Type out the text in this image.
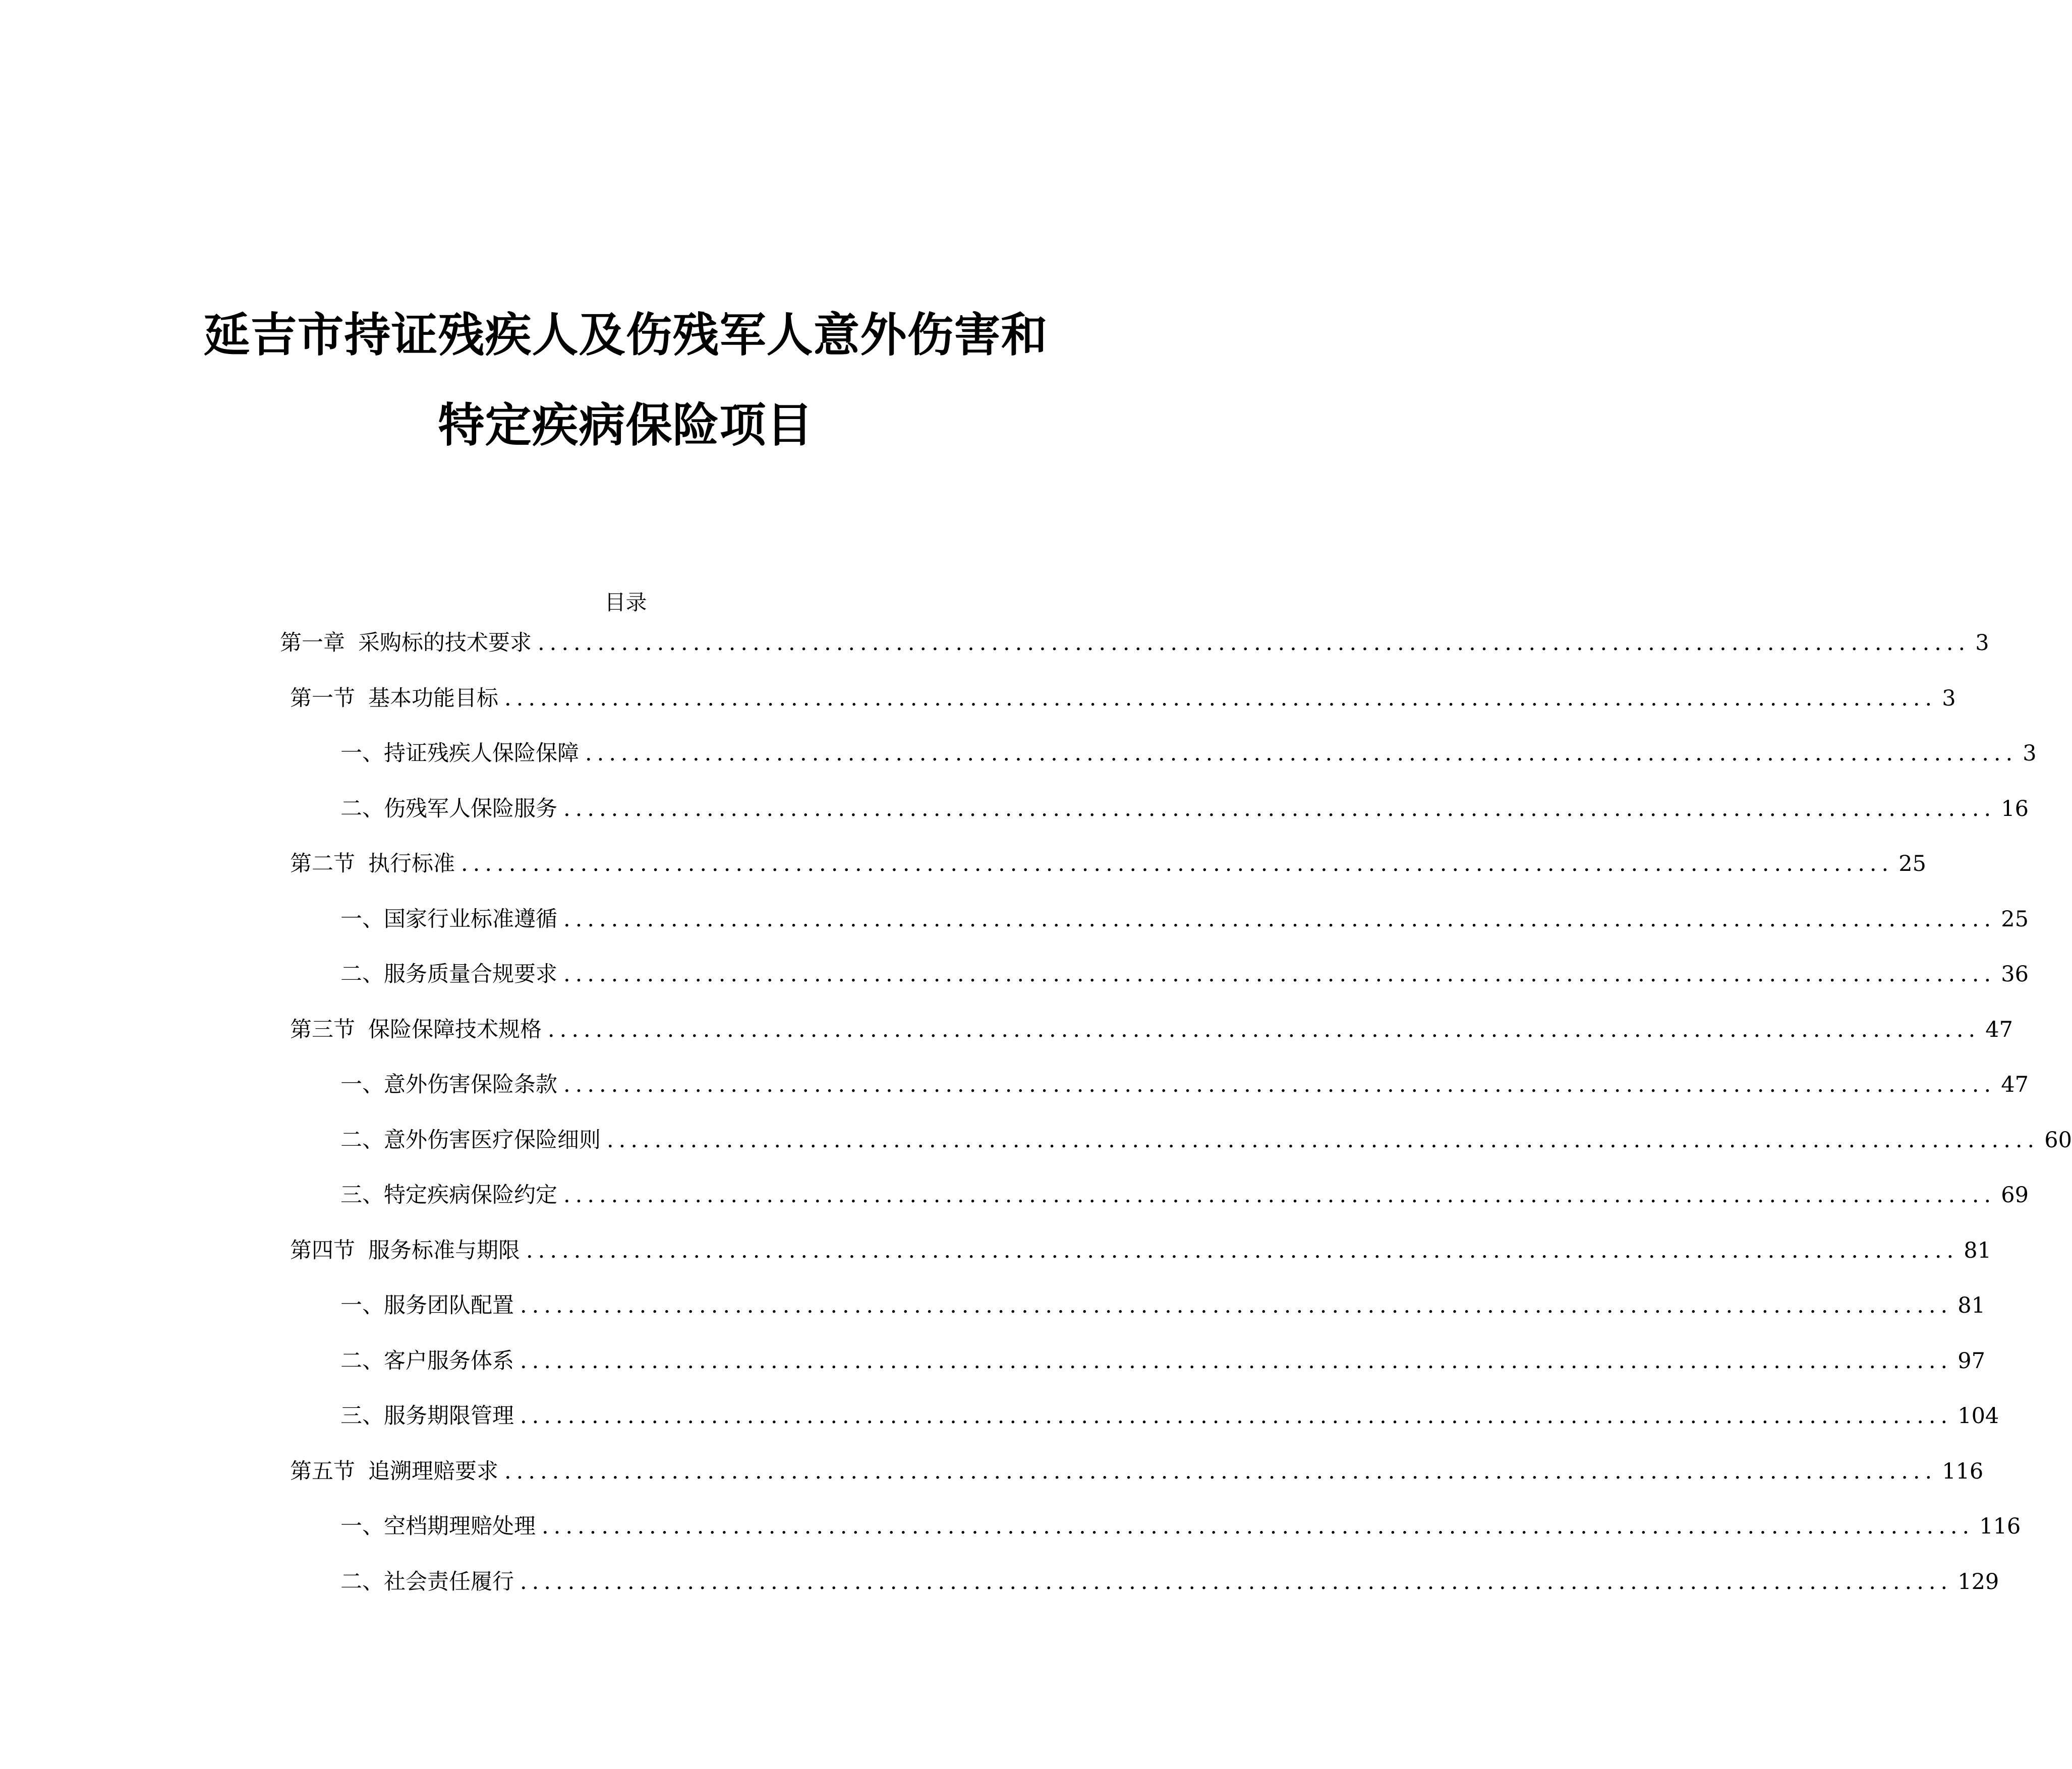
延吉市持证残疾人及伤残军人意外伤害和
特定疾病保险项目
目录
第一章 采购标的技术要求 ........................................................................................................................ 3
第一节 基本功能目标 ........................................................................................................................ 3
一、 持证残疾人保险保障 ........................................................................................................................ 3
二、 伤残军人保险服务 ........................................................................................................................ 16
第二节 执行标准 ........................................................................................................................ 25
一、 国家行业标准遵循 ........................................................................................................................ 25
二、 服务质量合规要求 ........................................................................................................................ 36
第三节 保险保障技术规格 ........................................................................................................................ 47
一、 意外伤害保险条款 ........................................................................................................................ 47
二、 意外伤害医疗保险细则 ........................................................................................................................ 60
三、 特定疾病保险约定 ........................................................................................................................ 69
第四节 服务标准与期限 ........................................................................................................................ 81
一、 服务团队配置 ........................................................................................................................ 81
二、 客户服务体系 ........................................................................................................................ 97
三、 服务期限管理 ........................................................................................................................ 104
第五节 追溯理赔要求 ........................................................................................................................ 116
一、 空档期理赔处理 ........................................................................................................................ 116
二、 社会责任履行 ........................................................................................................................ 129
